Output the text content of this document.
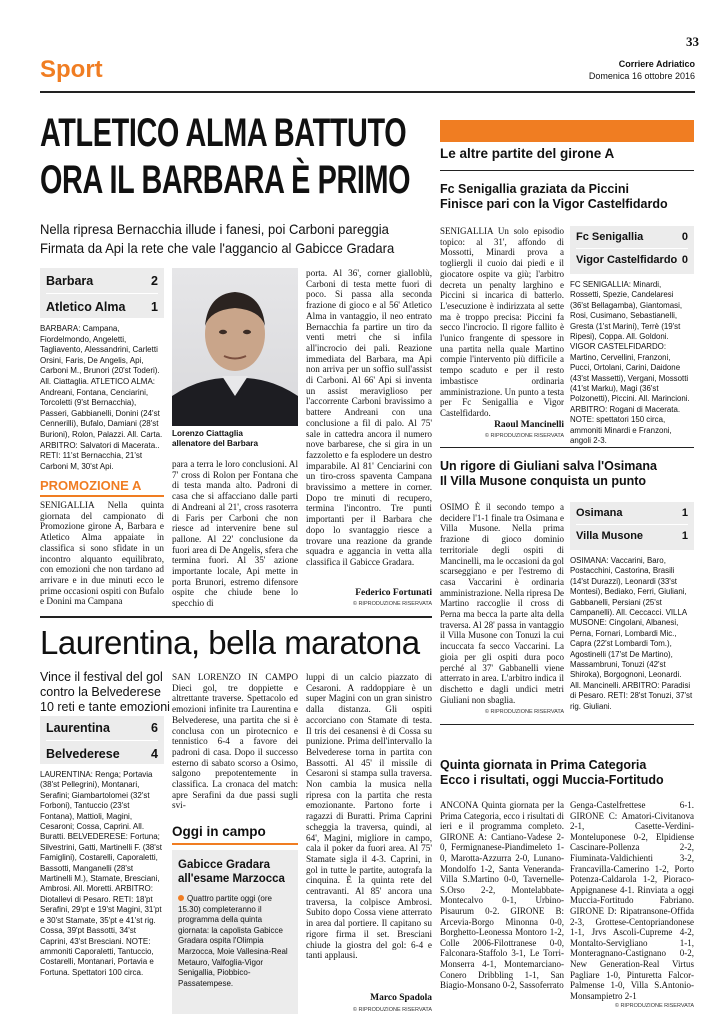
33
Sport	Corriere Adriatico
Domenica 16 ottobre 2016
ATLETICO ALMA BATTUTO
ORA IL BARBARA È PRIMO
Nella ripresa Bernacchia illude i fanesi, poi Carboni pareggia
Firmata da Api la rete che vale l'aggancio al Gabicce Gradara
Barbara	2
Atletico Alma 1
BARBARA: Campana, Fiordelmondo, Angeletti, Tagliavento, Alessandrini, Carletti Orsini, Faris, De Angelis, Api, Carboni M., Brunori (20'st Toderi). All. Ciattaglia. ATLETICO ALMA: Andreani, Fontana, Cenciarini, Torcoletti (9'st Bernacchia), Passeri, Gabbianelli, Donini (24'st Cennerilli), Bufalo, Damiani (28'st Burioni), Rolon, Palazzi. All. Carta. ARBITRO: Salvatori di Macerata.. RETI: 11'st Bernacchia, 21'st Carboni M, 30'st Api.
PROMOZIONE A
SENIGALLIA Nella quinta giornata del campionato di Promozione girone A, Barbara e Atletico Alma appaiate in classifica si sono sfidate in un incontro alquanto equilibrato, con emozioni che non tardano ad arrivare e in due minuti ecco le prime occasioni ospiti con Bufalo e Donini ma Campana
Lorenzo Ciattaglia
allenatore del Barbara
para a terra le loro conclusioni. Al 7' cross di Rolon per Fontana che di testa manda alto. Padroni di casa che si affacciano dalle parti di Andreani al 21', cross rasoterra di Faris per Carboni che non riesce ad intervenire bene sul pallone. Al 22' conclusione da fuori area di De Angelis, sfera che termina fuori. Al 35' azione importante locale, Api mette in porta Brunori, estremo difensore ospite che chiude bene lo specchio di
porta. Al 36', corner gialloblù, Carboni di testa mette fuori di poco. Si passa alla seconda frazione di gioco e al 56' Atletico Alma in vantaggio, il neo entrato Bernacchia fa partire un tiro da venti metri che si infila all'incrocio dei pali. Reazione immediata del Barbara, ma Api non arriva per un soffio sull'assist di Carboni. Al 66' Api si inventa un assist meraviglioso per l'accorrente Carboni bravissimo a battere Andreani con una conclusione a fil di palo. Al 75' sale in cattedra ancora il numero nove barbarese, che si gira in un fazzoletto e fa esplodere un destro imparabile. Al 81' Cenciarini con un tiro-cross spaventa Campana bravissimo a mettere in corner. Dopo tre minuti di recupero, termina l'incontro. Tre punti importanti per il Barbara che dopo lo svantaggio riesce a trovare una reazione da grande squadra e aggancia in vetta alla classifica il Gabicce Gradara.
Federico Fortunati
© RIPRODUZIONE RISERVATA
Le altre partite del girone A
Fc Senigallia graziata da Piccini
Finisce pari con la Vigor Castelfidardo
SENIGALLIA Un solo episodio topico: al 31', affondo di Mossotti, Minardi prova a togliergli il cuoio dai piedi e il giocatore ospite va giù; l'arbitro decreta un penalty larghino e Piccini si incarica di batterlo. L'esecuzione è indirizzata al sette ma è troppo precisa: Piccini fa secco l'incrocio. Il rigore fallito è l'unico frangente di spessore in una partita nella quale Martino compie l'intervento più difficile a tempo scaduto e per il resto imbastisce ordinaria amministrazione. Un punto a testa per Fc Senigallia e Vigor Castelfidardo.
Raoul Mancinelli
© RIPRODUZIONE RISERVATA
Fc Senigallia	0
Vigor Castelfidardo 0
FC SENIGALLIA: Minardi, Rossetti, Spezie, Candelaresi (36'st Bellagamba), Giantomasi, Rosi, Cusimano, Sebastianelli, Gresta (1'st Marini), Terrè (19'st Ripesi), Coppa. All. Goldoni. VIGOR CASTELFIDARDO: Martino, Cervellini, Franzoni, Pucci, Ortolani, Carini, Daidone (43'st Massetti), Vergani, Mossotti (41'st Marku), Magi (36'st Polzonetti), Piccini. All. Marincioni. ARBITRO: Rogani di Macerata. NOTE: spettatori 150 circa, ammoniti Minardi e Franzoni, angoli 2-3.
Un rigore di Giuliani salva l'Osimana
Il Villa Musone conquista un punto
OSIMO È il secondo tempo a decidere l'1-1 finale tra Osimana e Villa Musone. Nella prima frazione di gioco dominio territoriale degli ospiti di Mancinelli, ma le occasioni da gol scarseggiano e per l'estremo di casa Vaccarini è ordinaria amministrazione. Nella ripresa De Martino raccoglie il cross di Perna ma becca la parte alta della traversa. Al 28' passa in vantaggio il Villa Musone con Tonuzi la cui incuccata fa secco Vaccarini. La gioia per gli ospiti dura poco perché al 37' Gabbanelli viene atterrato in area. L'arbitro indica il dischetto e dagli undici metri Giuliani non sbaglia.
© RIPRODUZIONE RISERVATA
Osimana	1
Villa Musone	1
OSIMANA: Vaccarini, Baro, Postacchini, Castorina, Brasili (14'st Durazzi), Leonardi (33'st Montesi), Bediako, Ferri, Giuliani, Gabbanelli, Persiani (25'st Campanelli). All. Ceccacci. VILLA MUSONE: Cingolani, Albanesi, Perna, Fornari, Lombardi Mic., Capra (22'st Lombardi Tom.), Agostinelli (17'st De Martino), Massambruni, Tonuzi (42'st Shiroka), Borgognoni, Leonardi. All. Mancinelli. ARBITRO: Paradisi di Pesaro. RETI: 28'st Tonuzi, 37'st rig. Giuliani.
Quinta giornata in Prima Categoria
Ecco i risultati, oggi Muccia-Fortitudo
ANCONA Quinta giornata per la Prima Categoria, ecco i risultati di ieri e il programma completo. GIRONE A: Cantiano-Vadese 2-0, Fermignanese-Piandimeleto 1-0, Marotta-Azzurra 2-0, Lunano-Mondolfo 1-2, Santa Veneranda-Villa S.Martino 0-0, Tavernelle-S.Orso 2-2, Montelabbate-Montecalvo 0-1, Urbino-Pisaurum 0-2. GIRONE B: Arcevia-Borgo Minonna 0-0, Borghetto-Leonessa Montoro 1-2, Colle 2006-Filottranese 0-0, Falconara-Staffolo 3-1, Le Torri-Monserra 4-1, Montemarciano-Conero Dribbling 1-1, San Biagio-Monsano 0-2, Sassoferrato
Genga-Castelfrettese 6-1. GIRONE C: Amatori-Civitanova 2-1, Casette-Verdini-Monteluponese 0-2, Elpidiense Cascinare-Pollenza 2-2, Fiuminata-Valdichienti 3-2, Francavilla-Camerino 1-2, Porto Potenza-Caldarola 1-2, Pioraco-Appignanese 4-1. Rinviata a oggi Muccia-Fortitudo Fabriano. GIRONE D: Ripatransone-Offida 2-3, Grottese-Centopriandonese 1-1, Jrvs Ascoli-Cupreme 4-2, Montalto-Servigliano 1-1, Monteragnano-Castignano 0-2, New Generation-Real Virtus Pagliare 1-0, Pinturetta Falcor-Palmense 1-0, Villa S.Antonio-Monsampietro 2-1
© RIPRODUZIONE RISERVATA
Laurentina, bella maratona
Vince il festival del gol
contro la Belvederese
10 reti e tante emozioni
Laurentina	6
Belvederese	4
LAURENTINA: Renga; Portavia (38'st Pellegrini), Montanari, Serafini; Giambartolomei (32'st Forboni), Tantuccio (23'st Fontana), Mattioli, Magini, Cesaroni; Cossa, Caprini. All. Buratti. BELVEDERESE: Fortuna; Silvestrini, Gatti, Martinelli F. (38'st Famiglini), Costarelli, Caporaletti, Bassotti, Manganelli (28'st Martinelli M.), Stamate, Bresciani, Ambrosi. All. Moretti. ARBITRO: Diotallevi di Pesaro. RETI: 18'pt Serafini, 29'pt e 19'st Magini, 31'pt e 30'st Stamate, 35'pt e 41'st rig. Cossa, 39'pt Bassotti, 34'st Caprini, 43'st Bresciani. NOTE: ammoniti Caporaletti, Tantuccio, Costarelli, Montanari, Portavia e Fortuna. Spettatori 100 circa.
SAN LORENZO IN CAMPO Dieci gol, tre doppiette e altrettante traverse. Spettacolo ed emozioni infinite tra Laurentina e Belvederese, una partita che si è conclusa con un pirotecnico e tennistico 6-4 a favore dei padroni di casa. Dopo il successo esterno di sabato scorso a Osimo, salgono prepotentemente in classifica. La cronaca del match: apre Serafini da due passi sugli svi-
Oggi in campo
Gabicce Gradara
all'esame Marzocca
Quattro partite oggi (ore 15.30) completeranno il programma della quinta giornata: la capolista Gabicce Gradara ospita l'Olimpia Marzocca, Moie Vallesina-Real Metauro, Valfoglia-Vigor Senigallia, Piobbico-Passatempese.
luppi di un calcio piazzato di Cesaroni. A raddoppiare è un super Magini con un gran sinistro dalla distanza. Gli ospiti accorciano con Stamate di testa. Il tris dei cesanensi è di Cossa su punizione. Prima dell'intervallo la Belvederese torna in partita con Bassotti. Al 45' il missile di Cesaroni si stampa sulla traversa. Non cambia la musica nella ripresa con la partita che resta emozionante. Partono forte i ragazzi di Buratti. Prima Caprini scheggia la traversa, quindi, al 64', Magini, migliore in campo, cala il poker da fuori area. Al 75' Stamate sigla il 4-3. Caprini, in gol in tutte le partite, autografa la cinquina. È la quinta rete del centravanti. Al 85' ancora una traversa, la colpisce Ambrosi. Subito dopo Cossa viene atterrato in area dal portiere. Il capitano su rigore firma il set. Bresciani chiude la giostra del gol: 6-4 e tanti applausi.
Marco Spadola
© RIPRODUZIONE RISERVATA
